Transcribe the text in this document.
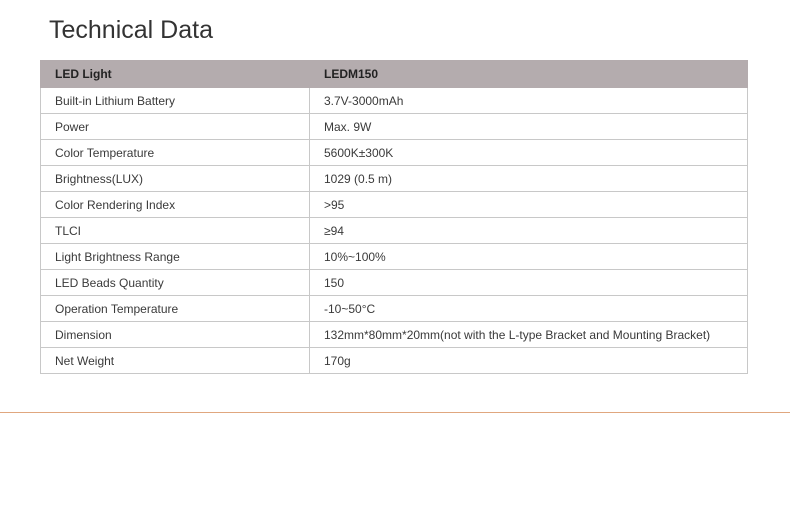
Technical Data
LED Light	LEDM150
Built-in Lithium Battery	3.7V-3000mAh
Power	Max. 9W
Color Temperature	5600K±300K
Brightness(LUX)	1029 (0.5 m)
Color Rendering Index	>95
TLCI	≥94
Light Brightness Range	10%~100%
LED Beads Quantity	150
Operation Temperature	-10~50°C
Dimension	132mm*80mm*20mm(not with the L-type Bracket and Mounting Bracket)
Net Weight	170g
